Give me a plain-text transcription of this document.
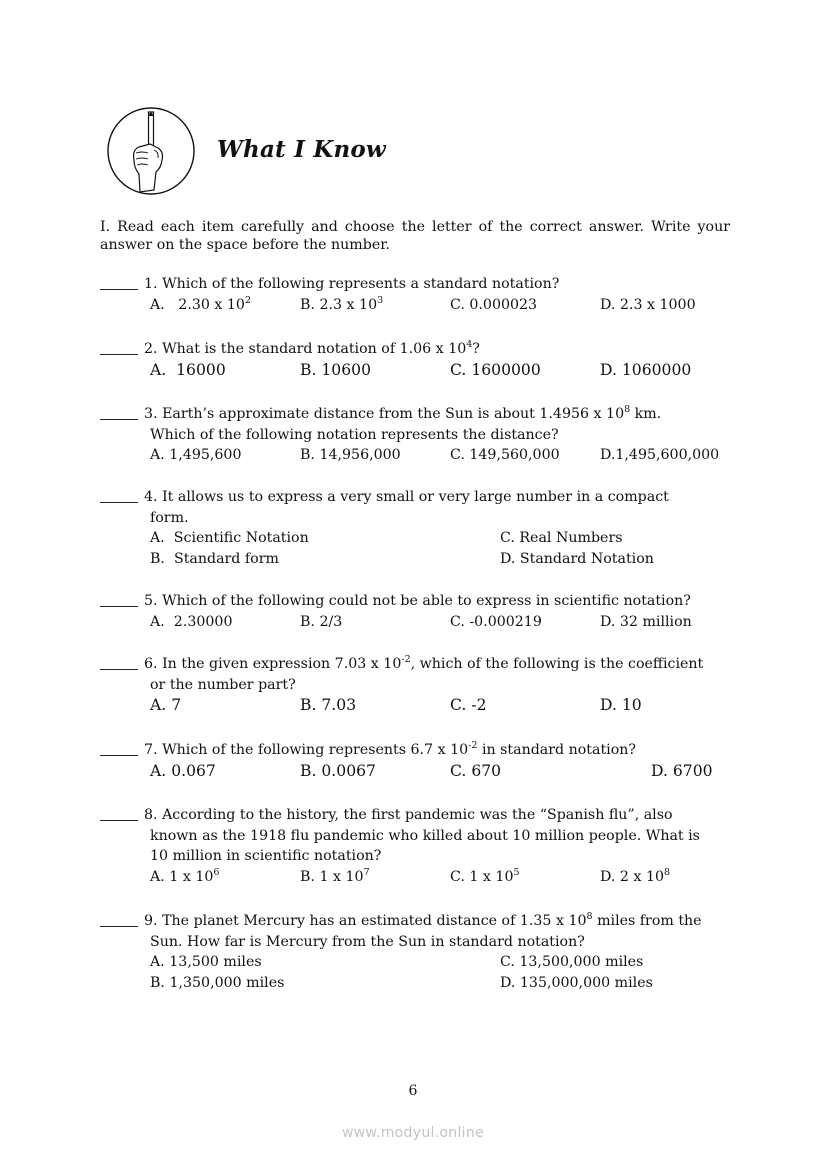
What I Know
I. Read each item carefully and choose the letter of the correct answer. Write your answer on the space before the number.
1. Which of the following represents a standard notation?
A. 2.30 x $10^2$	B. 2.3 x $10^3$	C. 0.000023	D. 2.3 x 1000
2. What is the standard notation of 1.06 x $10^4$?
A. 16000	B. 10600	C. 1600000	D. 1060000
3. Earth’s approximate distance from the Sun is about 1.4956 x $10^8$ km.
Which of the following notation represents the distance?
A. 1,495,600	B. 14,956,000	C. 149,560,000	D.1,495,600,000
4. It allows us to express a very small or very large number in a compact
form.
A. Scientific Notation	C. Real Numbers
B. Standard form	D. Standard Notation
5. Which of the following could not be able to express in scientific notation?
A. 2.30000	B. 2/3	C. -0.000219	D. 32 million
6. In the given expression 7.03 x $10^{-2}$, which of the following is the coefficient
or the number part?
A. 7	B. 7.03	C. -2	D. 10
7. Which of the following represents 6.7 x $10^{-2}$ in standard notation?
A. 0.067	B. 0.0067	C. 670	D. 6700
8. According to the history, the first pandemic was the “Spanish flu”, also
known as the 1918 flu pandemic who killed about 10 million people. What is
10 million in scientific notation?
A. 1 x $10^6$	B. 1 x $10^7$	C. 1 x $10^5$	D. 2 x $10^8$
9. The planet Mercury has an estimated distance of 1.35 x $10^8$ miles from the
Sun. How far is Mercury from the Sun in standard notation?
A. 13,500 miles	C. 13,500,000 miles
B. 1,350,000 miles	D. 135,000,000 miles
6
www.modyul.online
